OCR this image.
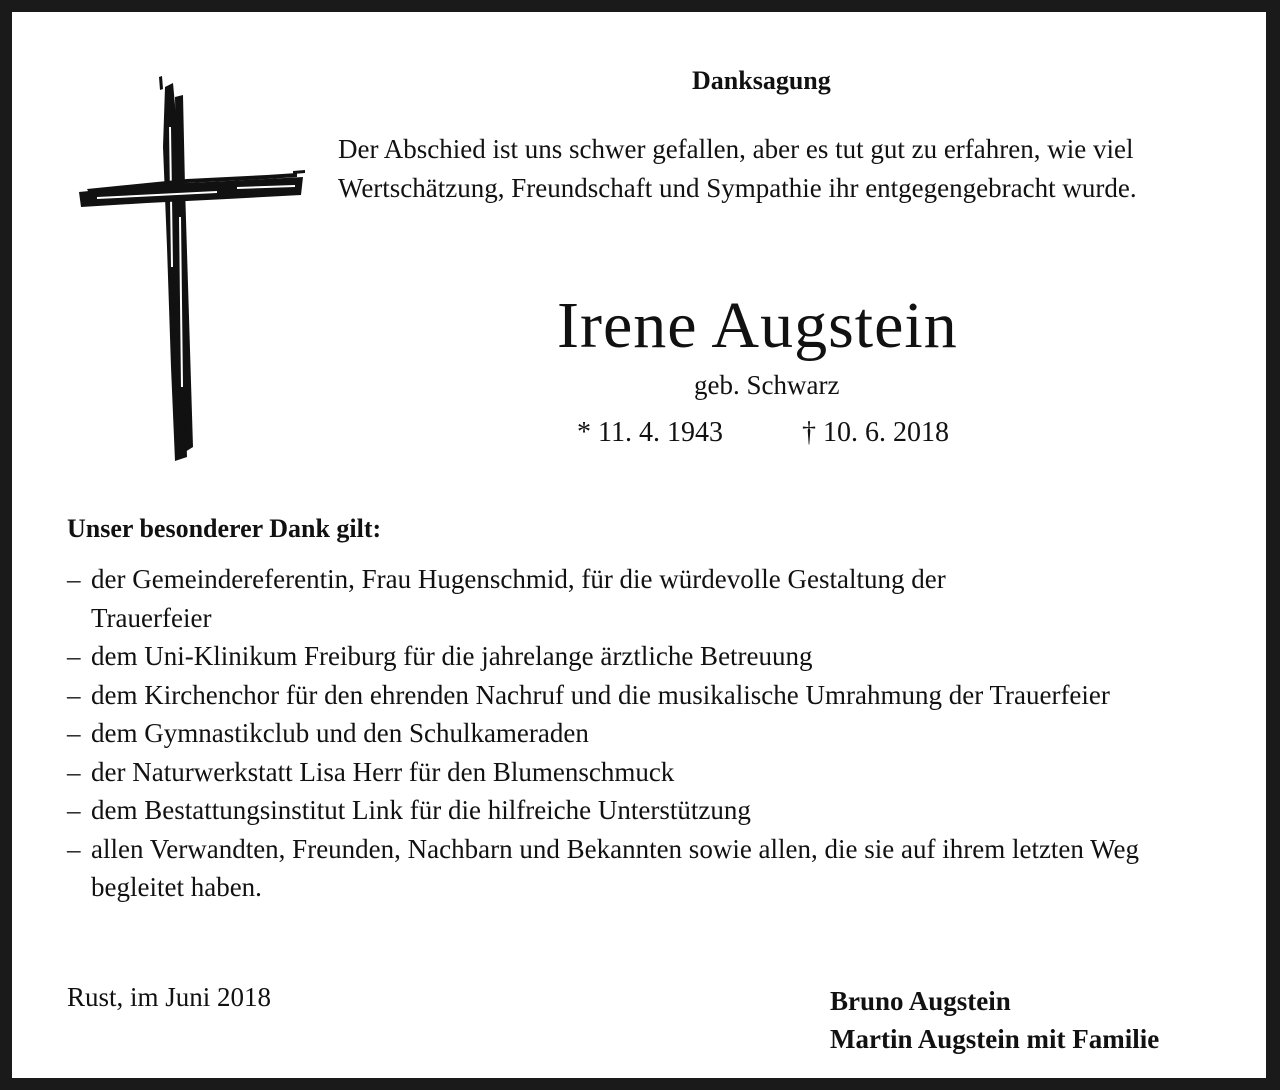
Danksagung
Der Abschied ist uns schwer gefallen, aber es tut gut zu erfahren, wie viel Wertschätzung, Freundschaft und Sympathie ihr entgegengebracht wurde.
Irene Augstein
geb. Schwarz
* 11. 4. 1943	† 10. 6. 2018
Unser besonderer Dank gilt:
– der Gemeindereferentin, Frau Hugenschmid, für die würdevolle Gestaltung der Trauerfeier
– dem Uni-Klinikum Freiburg für die jahrelange ärztliche Betreuung
– dem Kirchenchor für den ehrenden Nachruf und die musikalische Umrahmung der Trauerfeier
– dem Gymnastikclub und den Schulkameraden
– der Naturwerkstatt Lisa Herr für den Blumenschmuck
– dem Bestattungsinstitut Link für die hilfreiche Unterstützung
– allen Verwandten, Freunden, Nachbarn und Bekannten sowie allen, die sie auf ihrem letzten Weg begleitet haben.
Rust, im Juni 2018	Bruno Augstein
Martin Augstein mit Familie
